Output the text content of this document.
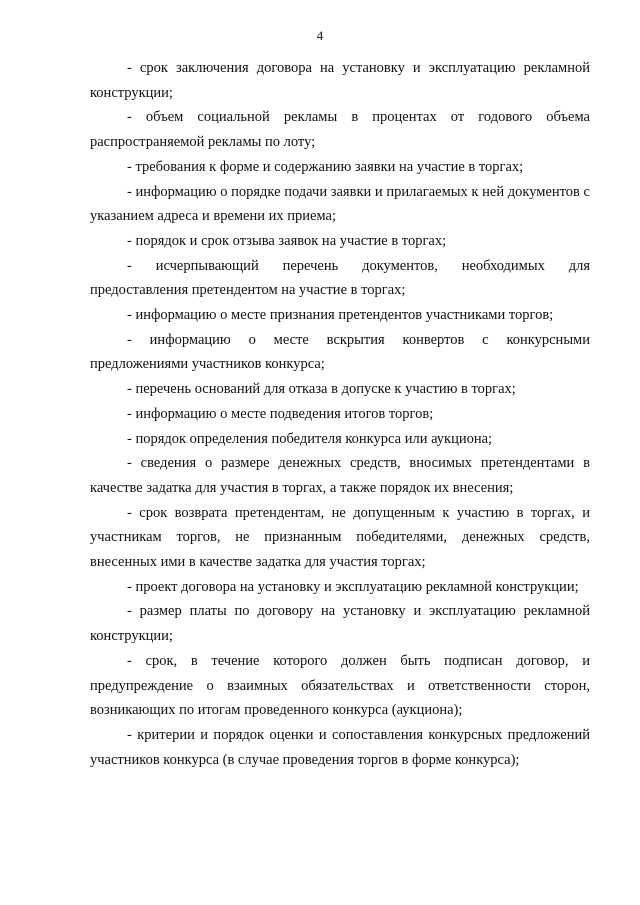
4

- срок заключения договора на установку и эксплуатацию рекламной конструкции;

- объем социальной рекламы в процентах от годового объема распространяемой рекламы по лоту;

- требования к форме и содержанию заявки на участие в торгах;

- информацию о порядке подачи заявки и прилагаемых к ней документов с указанием адреса и времени их приема;

- порядок и срок отзыва заявок на участие в торгах;

- исчерпывающий перечень документов, необходимых для предоставления претендентом на участие в торгах;

- информацию о месте признания претендентов участниками торгов;

- информацию о месте вскрытия конвертов с конкурсными предложениями участников конкурса;

- перечень оснований для отказа в допуске к участию в торгах;

- информацию о месте подведения итогов торгов;

- порядок определения победителя конкурса или аукциона;

- сведения о размере денежных средств, вносимых претендентами в качестве задатка для участия в торгах, а также порядок их внесения;

- срок возврата претендентам, не допущенным к участию в торгах, и участникам торгов, не признанным победителями, денежных средств, внесенных ими в качестве задатка для участия торгах;

- проект договора на установку и эксплуатацию рекламной конструкции;

- размер платы по договору на установку и эксплуатацию рекламной конструкции;

- срок, в течение которого должен быть подписан договор, и предупреждение о взаимных обязательствах и ответственности сторон, возникающих по итогам проведенного конкурса (аукциона);

- критерии и порядок оценки и сопоставления конкурсных предложений участников конкурса (в случае проведения торгов в форме конкурса);
